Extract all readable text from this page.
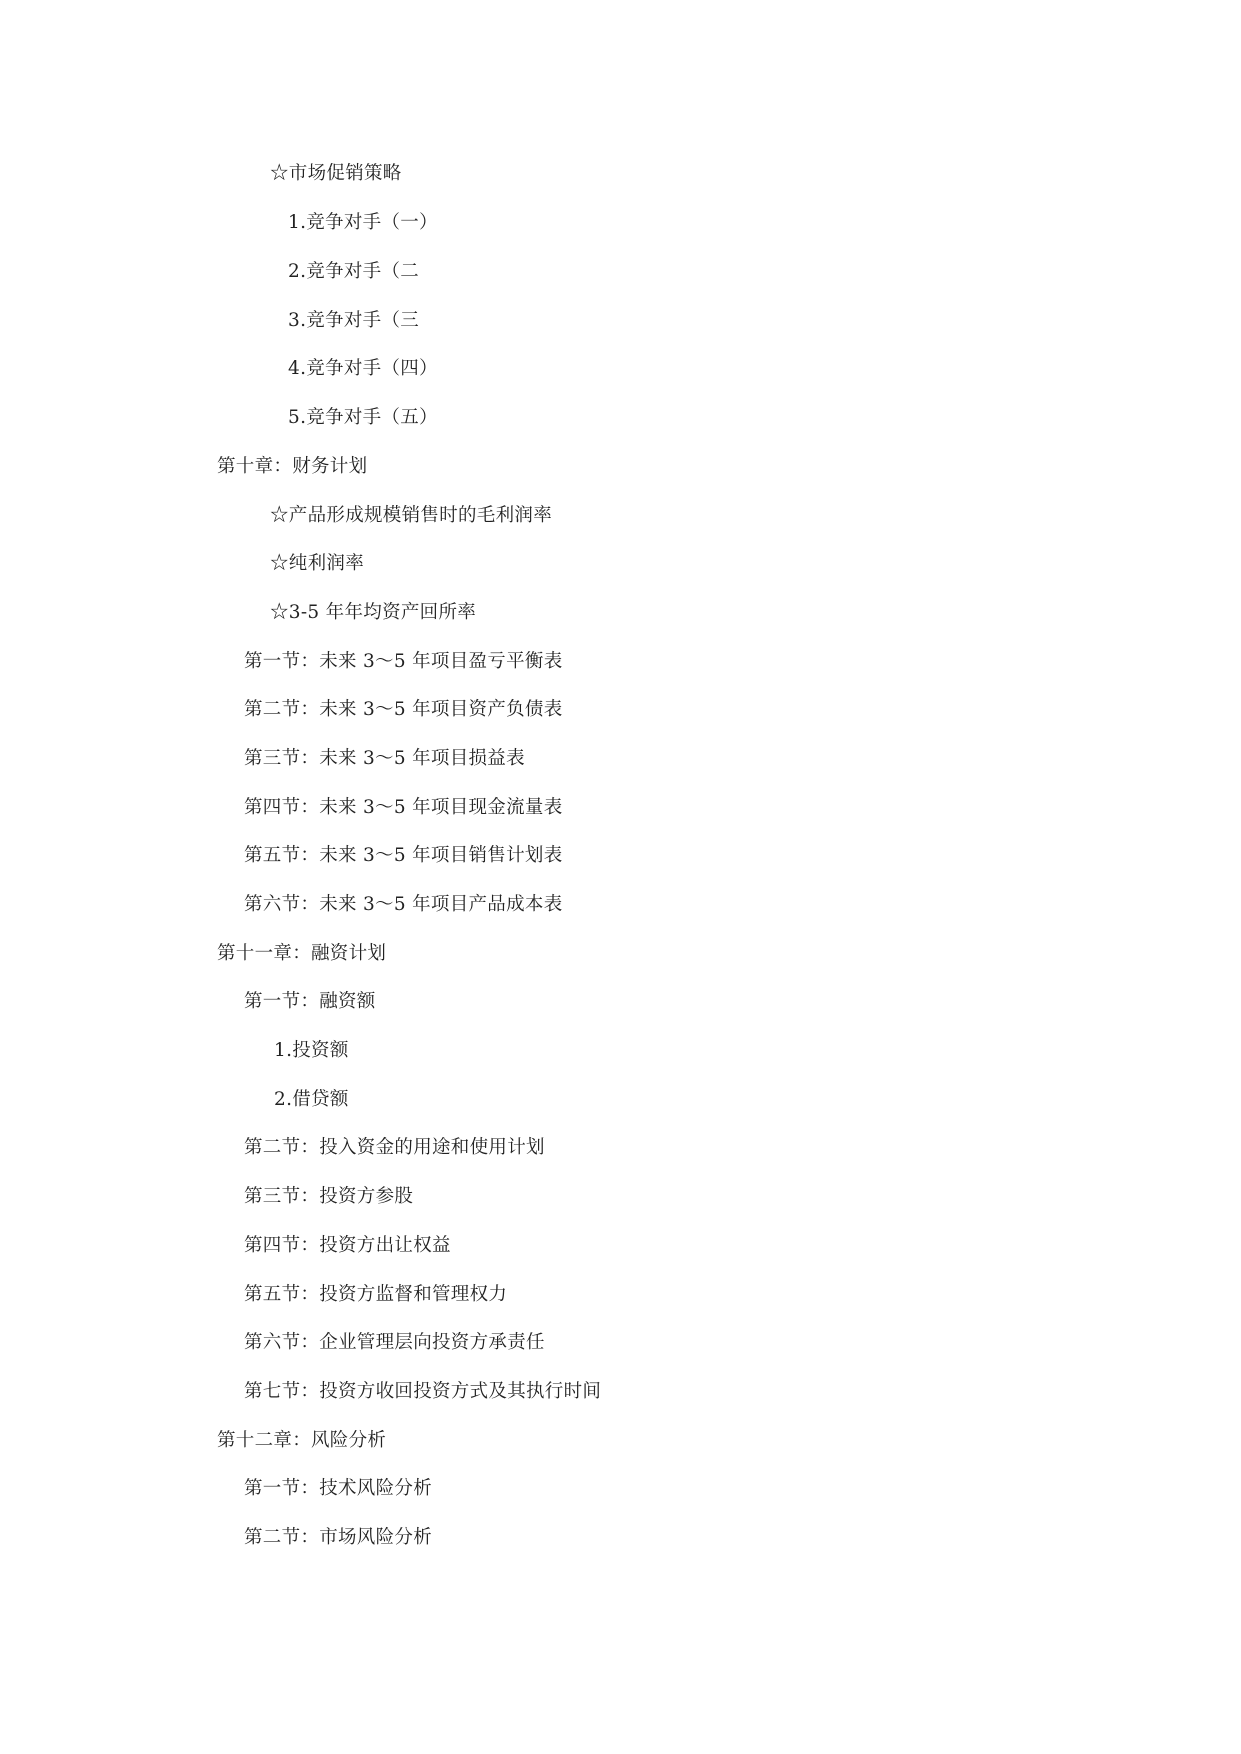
☆市场促销策略

1.竞争对手（一）

2.竞争对手（二

3.竞争对手（三

4.竞争对手（四）

5.竞争对手（五）

第十章：财务计划

☆产品形成规模销售时的毛利润率

☆纯利润率

☆3-5 年年均资产回所率

第一节：未来 3～5 年项目盈亏平衡表

第二节：未来 3～5 年项目资产负债表

第三节：未来 3～5 年项目损益表

第四节：未来 3～5 年项目现金流量表

第五节：未来 3～5 年项目销售计划表

第六节：未来 3～5 年项目产品成本表

第十一章：融资计划

第一节：融资额

1.投资额

2.借贷额

第二节：投入资金的用途和使用计划

第三节：投资方参股

第四节：投资方出让权益

第五节：投资方监督和管理权力

第六节：企业管理层向投资方承责任

第七节：投资方收回投资方式及其执行时间

第十二章：风险分析

第一节：技术风险分析

第二节：市场风险分析
